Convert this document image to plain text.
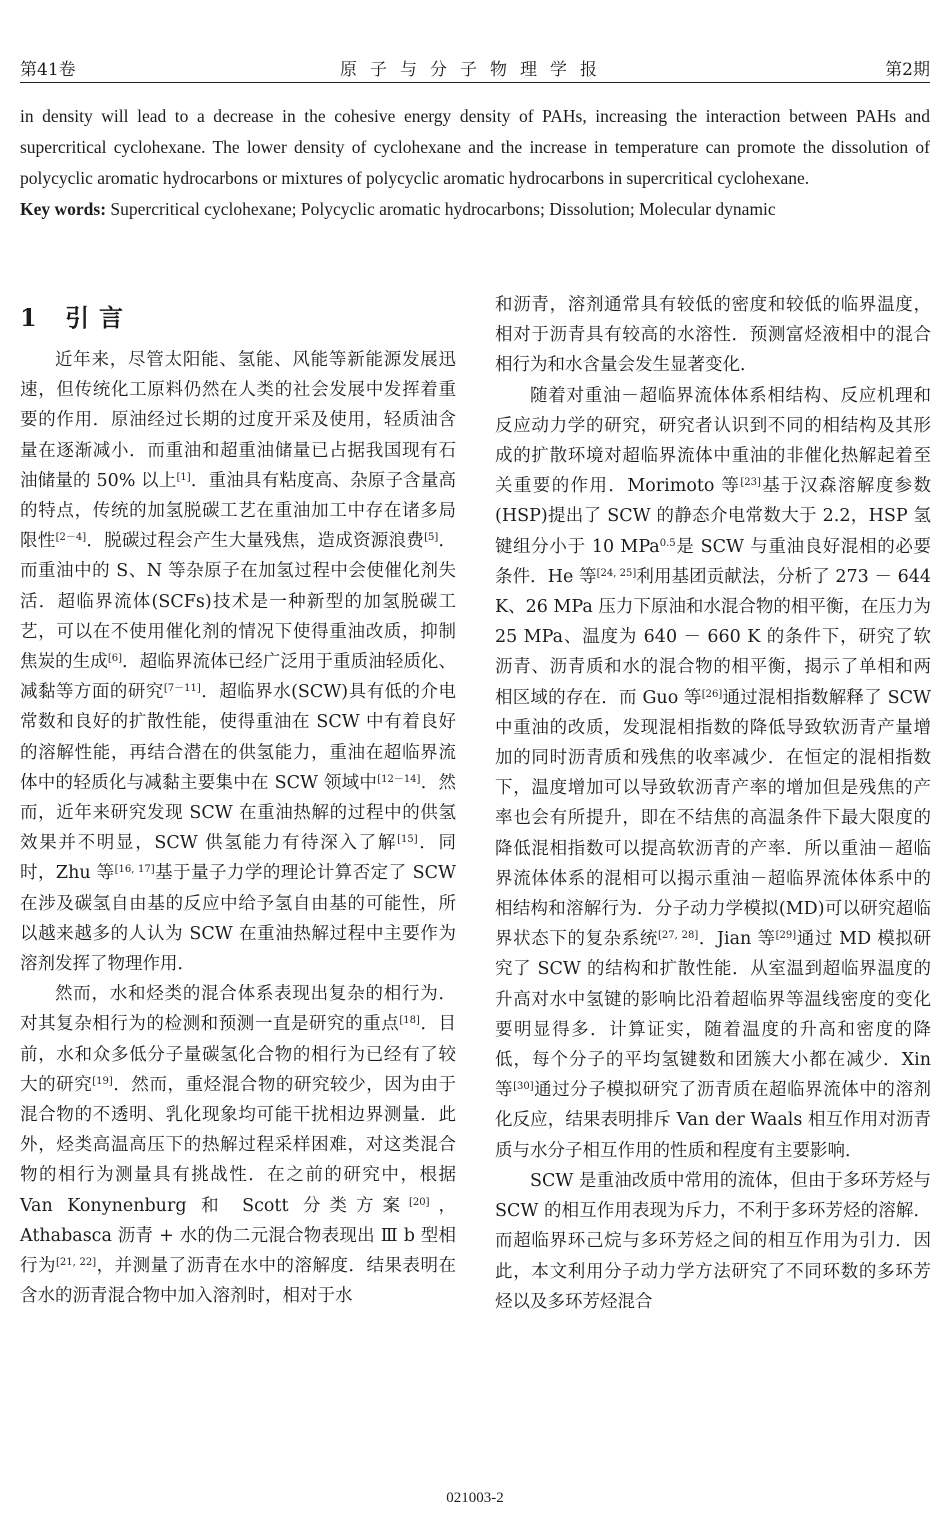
第41卷	原子与分子物理学报	第2期
in density will lead to a decrease in the cohesive energy density of PAHs, increasing the interaction between PAHs and supercritical cyclohexane. The lower density of cyclohexane and the increase in temperature can promote the dissolution of polycyclic aromatic hydrocarbons or mixtures of polycyclic aromatic hydrocarbons in supercritical cyclohexane.
Key words: Supercritical cyclohexane; Polycyclic aromatic hydrocarbons; Dissolution; Molecular dynamic
1 引言

近年来，尽管太阳能、氢能、风能等新能源发展迅速，但传统化工原料仍然在人类的社会发展中发挥着重要的作用．原油经过长期的过度开采及使用，轻质油含量在逐渐减小．而重油和超重油储量已占据我国现有石油储量的 50% 以上[1]．重油具有粘度高、杂原子含量高的特点，传统的加氢脱碳工艺在重油加工中存在诸多局限性[2－4]．脱碳过程会产生大量残焦，造成资源浪费[5]．而重油中的 S、N 等杂原子在加氢过程中会使催化剂失活．超临界流体(SCFs)技术是一种新型的加氢脱碳工艺，可以在不使用催化剂的情况下使得重油改质，抑制焦炭的生成[6]．超临界流体已经广泛用于重质油轻质化、减黏等方面的研究[7－11]．超临界水(SCW)具有低的介电常数和良好的扩散性能，使得重油在 SCW 中有着良好的溶解性能，再结合潜在的供氢能力，重油在超临界流体中的轻质化与减黏主要集中在 SCW 领域中[12－14]．然而，近年来研究发现 SCW 在重油热解的过程中的供氢效果并不明显，SCW 供氢能力有待深入了解[15]．同时，Zhu 等[16, 17]基于量子力学的理论计算否定了 SCW 在涉及碳氢自由基的反应中给予氢自由基的可能性，所以越来越多的人认为 SCW 在重油热解过程中主要作为溶剂发挥了物理作用．

然而，水和烃类的混合体系表现出复杂的相行为．对其复杂相行为的检测和预测一直是研究的重点[18]．目前，水和众多低分子量碳氢化合物的相行为已经有了较大的研究[19]．然而，重烃混合物的研究较少，因为由于混合物的不透明、乳化现象均可能干扰相边界测量．此外，烃类高温高压下的热解过程采样困难，对这类混合物的相行为测量具有挑战性．在之前的研究中，根据 Van Konynenburg 和 Scott 分类方案[20]，Athabasca 沥青 + 水的伪二元混合物表现出 Ⅲ b 型相行为[21, 22]，并测量了沥青在水中的溶解度．结果表明在含水的沥青混合物中加入溶剂时，相对于水

和沥青，溶剂通常具有较低的密度和较低的临界温度，相对于沥青具有较高的水溶性．预测富烃液相中的混合相行为和水含量会发生显著变化．

随着对重油－超临界流体体系相结构、反应机理和反应动力学的研究，研究者认识到不同的相结构及其形成的扩散环境对超临界流体中重油的非催化热解起着至关重要的作用．Morimoto 等[23]基于汉森溶解度参数(HSP)提出了 SCW 的静态介电常数大于 2.2，HSP 氢键组分小于 10 MPa$^{0.5}$是 SCW 与重油良好混相的必要条件．He 等[24, 25]利用基团贡献法，分析了 273 － 644 K、26 MPa 压力下原油和水混合物的相平衡，在压力为 25 MPa、温度为 640 － 660 K 的条件下，研究了软沥青、沥青质和水的混合物的相平衡，揭示了单相和两相区域的存在．而 Guo 等[26]通过混相指数解释了 SCW 中重油的改质，发现混相指数的降低导致软沥青产量增加的同时沥青质和残焦的收率减少．在恒定的混相指数下，温度增加可以导致软沥青产率的增加但是残焦的产率也会有所提升，即在不结焦的高温条件下最大限度的降低混相指数可以提高软沥青的产率．所以重油－超临界流体体系的混相可以揭示重油－超临界流体体系中的相结构和溶解行为．分子动力学模拟(MD)可以研究超临界状态下的复杂系统[27, 28]．Jian 等[29]通过 MD 模拟研究了 SCW 的结构和扩散性能．从室温到超临界温度的升高对水中氢键的影响比沿着超临界等温线密度的变化要明显得多．计算证实，随着温度的升高和密度的降低，每个分子的平均氢键数和团簇大小都在减少．Xin 等[30]通过分子模拟研究了沥青质在超临界流体中的溶剂化反应，结果表明排斥 Van der Waals 相互作用对沥青质与水分子相互作用的性质和程度有主要影响．

SCW 是重油改质中常用的流体，但由于多环芳烃与 SCW 的相互作用表现为斥力，不利于多环芳烃的溶解．而超临界环己烷与多环芳烃之间的相互作用为引力．因此，本文利用分子动力学方法研究了不同环数的多环芳烃以及多环芳烃混合

021003-2
